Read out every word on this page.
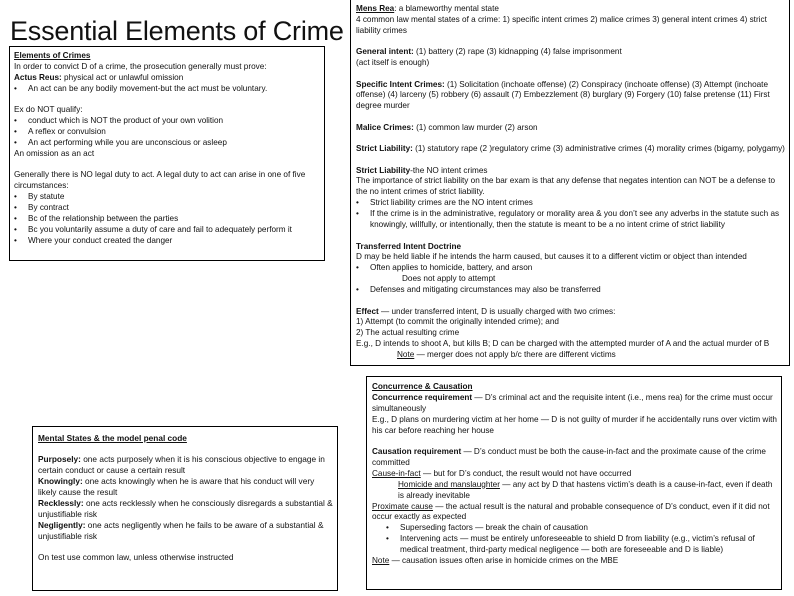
Essential Elements of Crime

Elements of Crimes

In order to convict D of a crime, the prosecution generally must prove:

Actus Reus: physical act or unlawful omission

• An act can be any bodily movement-but the act must be voluntary.

Ex do NOT qualify:

• conduct which is NOT the product of your own volition
• A reflex or convulsion
• An act performing while you are unconscious or asleep

An omission as an act

Generally there is NO legal duty to act. A legal duty to act can arise in one of five circumstances:

• By statute
• By contract
• Bc of the relationship between the parties
• Bc you voluntarily assume a duty of care and fail to adequately perform it
• Where your conduct created the danger

Mens Rea: a blameworthy mental state

4 common law mental states of a crime: 1) specific intent crimes 2) malice crimes 3) general intent crimes 4) strict liability crimes

General intent: (1) battery (2) rape (3) kidnapping (4) false imprisonment

(act itself is enough)

Specific Intent Crimes: (1) Solicitation (inchoate offense) (2) Conspiracy (inchoate offense) (3) Attempt (inchoate offense) (4) larceny (5) robbery (6) assault (7) Embezzlement (8) burglary (9) Forgery (10) false pretense (11) First degree murder

Malice Crimes: (1) common law murder (2) arson

Strict Liability: (1) statutory rape (2 )regulatory crime (3) administrative crimes (4) morality crimes (bigamy, polygamy)

Strict Liability-the NO intent crimes

The importance of strict liability on the bar exam is that any defense that negates intention can NOT be a defense to the no intent crimes of strict liability.

• Strict liability crimes are the NO intent crimes
• If the crime is in the administrative, regulatory or morality area & you don’t see any adverbs in the statute such as knowingly, willfully, or intentionally, then the statute is meant to be a no intent crime of strict liability

Transferred Intent Doctrine

D may be held liable if he intends the harm caused, but causes it to a different victim or object than intended

• Often applies to homicide, battery, and arson

Does not apply to attempt

• Defenses and mitigating circumstances may also be transferred

Effect — under transferred intent, D is usually charged with two crimes:

1) Attempt (to commit the originally intended crime); and

2) The actual resulting crime

E.g., D intends to shoot A, but kills B; D can be charged with the attempted murder of A and the actual murder of B

Note — merger does not apply b/c there are different victims

Mental States & the model penal code

Purposely: one acts purposely when it is his conscious objective to engage in certain conduct or cause a certain result

Knowingly: one acts knowingly when he is aware that his conduct will very likely cause the result

Recklessly: one acts recklessly when he consciously disregards a substantial & unjustifiable risk

Negligently: one acts negligently when he fails to be aware of a substantial & unjustifiable risk

On test use common law, unless otherwise instructed

Concurrence & Causation

Concurrence requirement — D’s criminal act and the requisite intent (i.e., mens rea) for the crime must occur simultaneously

E.g., D plans on murdering victim at her home — D is not guilty of murder if he accidentally runs over victim with his car before reaching her house

Causation requirement — D’s conduct must be both the cause-in-fact and the proximate cause of the crime committed

Cause-in-fact — but for D’s conduct, the result would not have occurred

Homicide and manslaughter — any act by D that hastens victim’s death is a cause-in-fact, even if death is already inevitable

Proximate cause — the actual result is the natural and probable consequence of D’s conduct, even if it did not occur exactly as expected

• Superseding factors — break the chain of causation
• Intervening acts — must be entirely unforeseeable to shield D from liability (e.g., victim’s refusal of medical treatment, third-party medical negligence — both are foreseeable and D is liable)

Note — causation issues often arise in homicide crimes on the MBE
